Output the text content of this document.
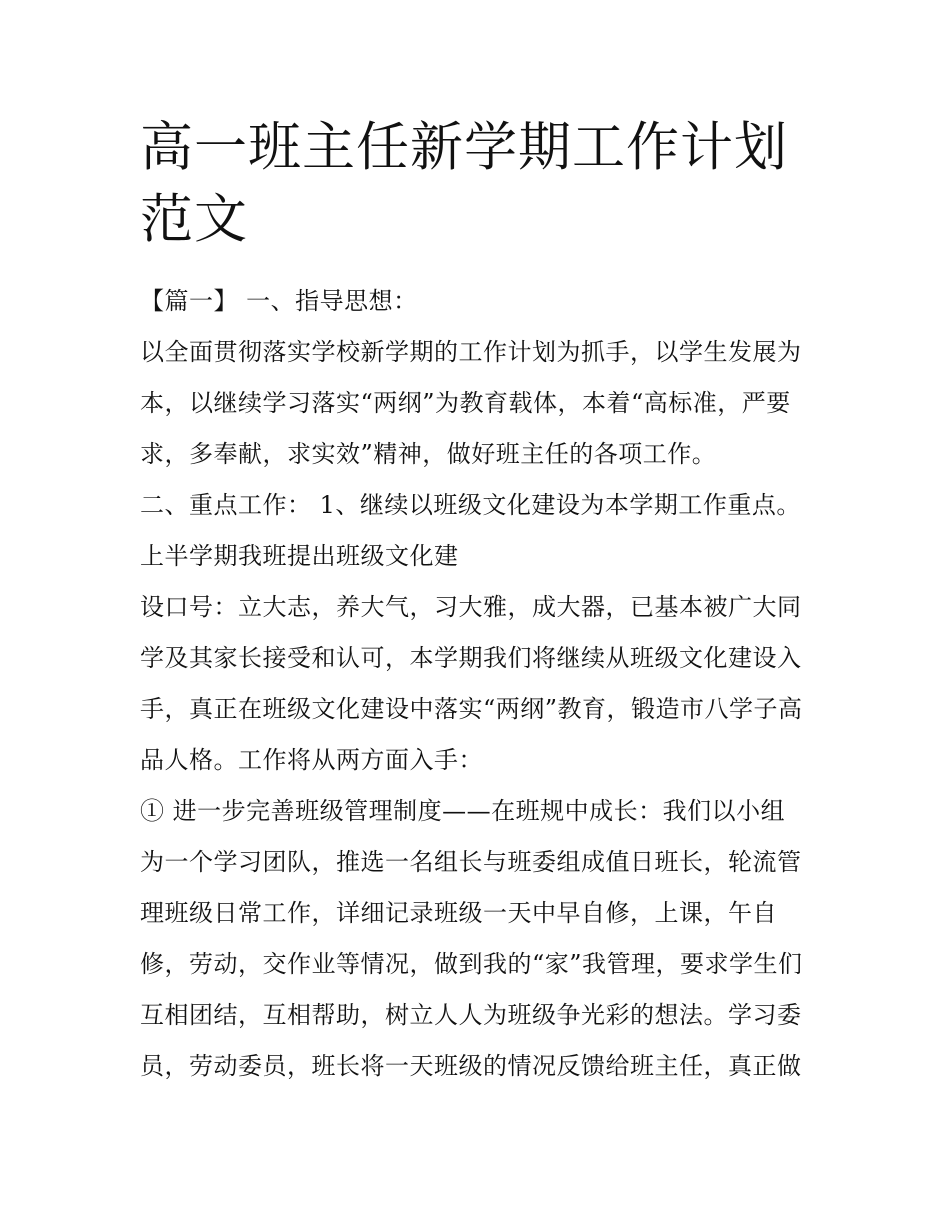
高一班主任新学期工作计划范文
【篇一】 一、指导思想：
以全面贯彻落实学校新学期的工作计划为抓手，以学生发展为
本，以继续学习落实“两纲”为教育载体，本着“高标准，严要
求，多奉献，求实效”精神，做好班主任的各项工作。
二、重点工作： 1、继续以班级文化建设为本学期工作重点。
上半学期我班提出班级文化建
设口号：立大志，养大气，习大雅，成大器，已基本被广大同
学及其家长接受和认可，本学期我们将继续从班级文化建设入
手，真正在班级文化建设中落实“两纲”教育，锻造市八学子高
品人格。工作将从两方面入手：
① 进一步完善班级管理制度——在班规中成长：我们以小组
为一个学习团队，推选一名组长与班委组成值日班长，轮流管
理班级日常工作，详细记录班级一天中早自修，上课，午自
修，劳动，交作业等情况，做到我的“家”我管理，要求学生们
互相团结，互相帮助，树立人人为班级争光彩的想法。学习委
员，劳动委员，班长将一天班级的情况反馈给班主任，真正做
